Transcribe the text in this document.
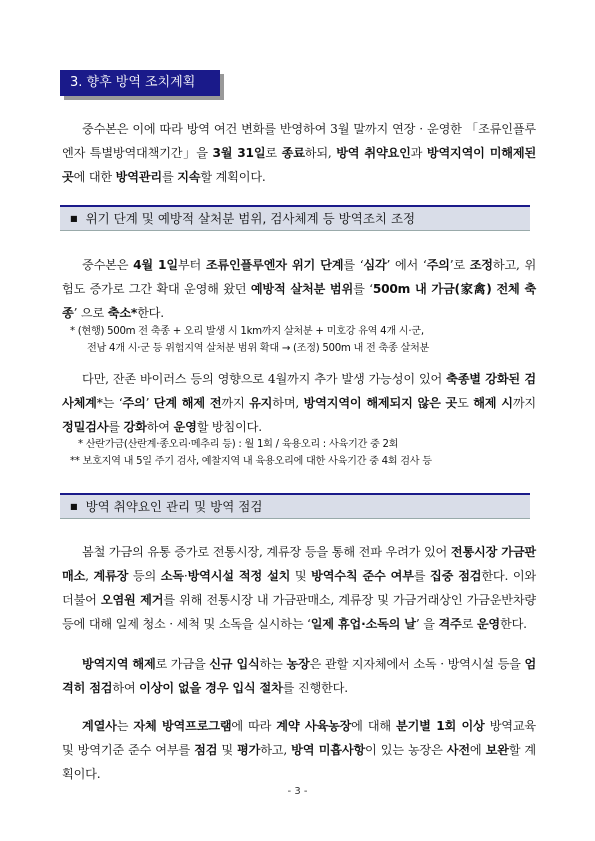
3. 향후 방역 조치계획

중수본은 이에 따라 방역 여건 변화를 반영하여 3월 말까지 연장 · 운영한 「조류인플루엔자 특별방역대책기간」을 3월 31일로 종료하되, 방역 취약요인과 방역지역이 미해제된 곳에 대한 방역관리를 지속할 계획이다.

■ 위기 단계 및 예방적 살처분 범위, 검사체계 등 방역조치 조정

중수본은 4월 1일부터 조류인플루엔자 위기 단계를 ‘심각’ 에서 ‘주의’로 조정하고, 위험도 증가로 그간 확대 운영해 왔던 예방적 살처분 범위를 ‘500m 내 가금(家禽) 전체 축종’ 으로 축소*한다.

* (현행) 500m 전 축종 + 오리 발생 시 1km까지 살처분 + 미호강 유역 4개 시·군,

전남 4개 시·군 등 위험지역 살처분 범위 확대 → (조정) 500m 내 전 축종 살처분

다만, 잔존 바이러스 등의 영향으로 4월까지 추가 발생 가능성이 있어 축종별 강화된 검사체계*는 ‘주의’ 단계 해제 전까지 유지하며, 방역지역이 해제되지 않은 곳도 해제 시까지 정밀검사를 강화하여 운영할 방침이다.

* 산란가금(산란계·종오리·메추리 등) : 월 1회 / 육용오리 : 사육기간 중 2회

** 보호지역 내 5일 주기 검사, 예찰지역 내 육용오리에 대한 사육기간 중 4회 검사 등

■ 방역 취약요인 관리 및 방역 점검

봄철 가금의 유통 증가로 전통시장, 계류장 등을 통해 전파 우려가 있어 전통시장 가금판매소, 계류장 등의 소독·방역시설 적정 설치 및 방역수칙 준수 여부를 집중 점검한다. 이와 더불어 오염원 제거를 위해 전통시장 내 가금판매소, 계류장 및 가금거래상인 가금운반차량 등에 대해 일제 청소 · 세척 및 소독을 실시하는 ‘일제 휴업·소독의 날’ 을 격주로 운영한다.

방역지역 해제로 가금을 신규 입식하는 농장은 관할 지자체에서 소독 · 방역시설 등을 엄격히 점검하여 이상이 없을 경우 입식 절차를 진행한다.

계열사는 자체 방역프로그램에 따라 계약 사육농장에 대해 분기별 1회 이상 방역교육 및 방역기준 준수 여부를 점검 및 평가하고, 방역 미흡사항이 있는 농장은 사전에 보완할 계획이다.

- 3 -
